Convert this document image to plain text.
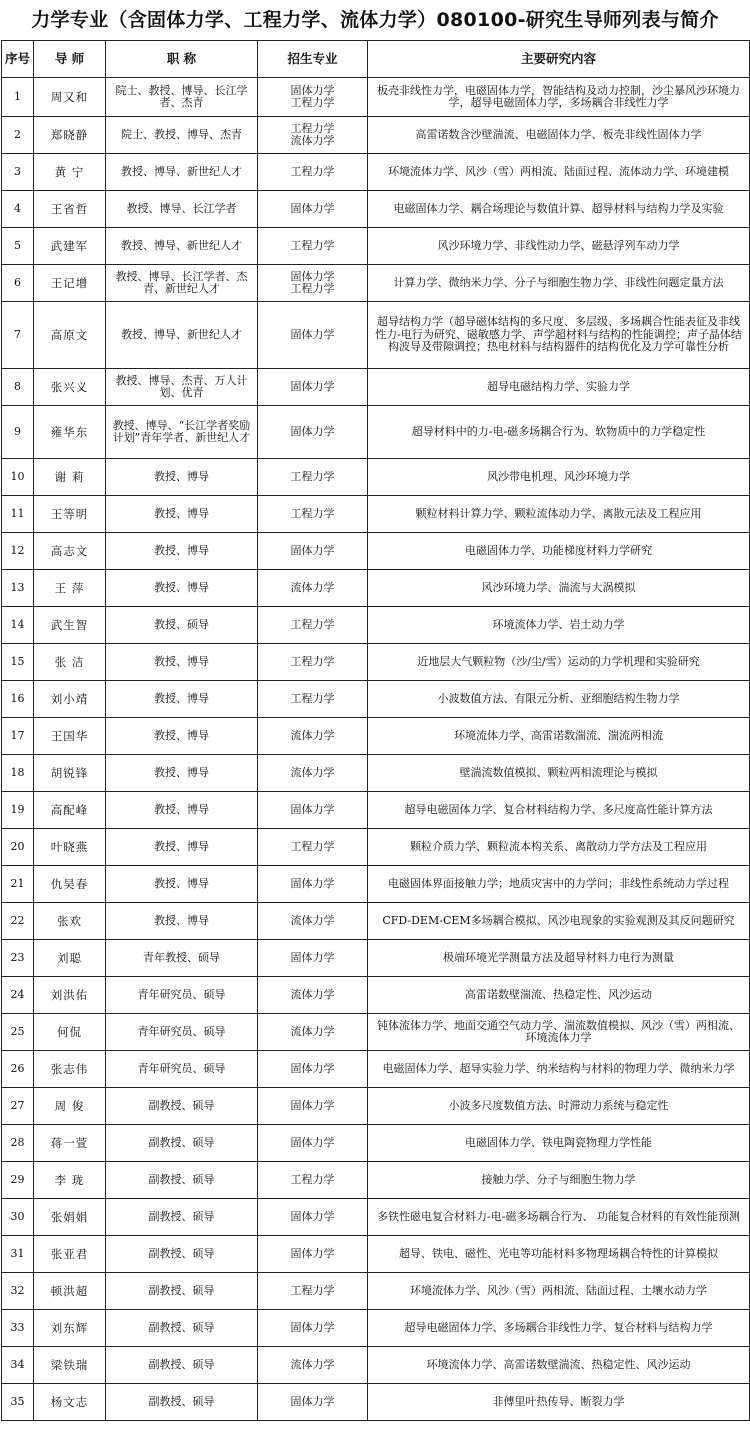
力学专业（含固体力学、工程力学、流体力学）080100-研究生导师列表与简介
序号	导 师	职 称	招生专业	主要研究内容
1	周又和	院士、教授、博导、长江学者、杰青	固体力学
工程力学	板壳非线性力学，电磁固体力学，智能结构及动力控制，沙尘暴风沙环境力学，超导电磁固体力学，多场耦合非线性力学
2	郑晓静	院士、教授、博导、杰青	工程力学
流体力学	高雷诺数含沙壁湍流、电磁固体力学、板壳非线性固体力学
3	黄 宁	教授、博导、新世纪人才	工程力学	环境流体力学、风沙（雪）两相流、陆面过程、流体动力学、环境建模
4	王省哲	教授、博导、长江学者	固体力学	电磁固体力学、耦合场理论与数值计算、超导材料与结构力学及实验
5	武建军	教授、博导、新世纪人才	工程力学	风沙环境力学、非线性动力学、磁悬浮列车动力学
6	王记增	教授、博导、长江学者、杰青、新世纪人才	固体力学
工程力学	计算力学、微纳米力学、分子与细胞生物力学、非线性问题定量方法
7	高原文	教授、博导、新世纪人才	固体力学	超导结构力学（超导磁体结构的多尺度、多层级、多场耦合性能表征及非线性力-电行为研究、磁敏感力学、声学超材料与结构的性能调控；声子晶体结构波导及带隙调控；热电材料与结构器件的结构优化及力学可靠性分析
8	张兴义	教授、博导、杰青、万人计划、优青	固体力学	超导电磁结构力学、实验力学
9	雍华东	教授、博导、“长江学者奖励计划”青年学者、新世纪人才	固体力学	超导材料中的力-电-磁多场耦合行为、软物质中的力学稳定性
10	谢 莉	教授、博导	工程力学	风沙带电机理、风沙环境力学
11	王等明	教授、博导	工程力学	颗粒材料计算力学、颗粒流体动力学、离散元法及工程应用
12	高志文	教授、博导	固体力学	电磁固体力学、功能梯度材料力学研究
13	王 萍	教授、博导	流体力学	风沙环境力学、湍流与大涡模拟
14	武生智	教授、硕导	工程力学	环境流体力学、岩土动力学
15	张 洁	教授、博导	工程力学	近地层大气颗粒物（沙/尘/雪）运动的力学机理和实验研究
16	刘小靖	教授、博导	工程力学	小波数值方法、有限元分析、亚细胞结构生物力学
17	王国华	教授、博导	流体力学	环境流体力学、高雷诺数湍流、湍流两相流
18	胡锐锋	教授、博导	流体力学	壁湍流数值模拟、颗粒两相流理论与模拟
19	高配峰	教授、博导	固体力学	超导电磁固体力学、复合材料结构力学、多尺度高性能计算方法
20	叶晓燕	教授、博导	工程力学	颗粒介质力学、颗粒流本构关系、离散动力学方法及工程应用
21	仇吴春	教授、博导	固体力学	电磁固体界面接触力学；地质灾害中的力学问；非线性系统动力学过程
22	张欢	教授、博导	流体力学	CFD-DEM-CEM多场耦合模拟、风沙电现象的实验观测及其反问题研究
23	刘聪	青年教授、硕导	固体力学	极端环境光学测量方法及超导材料力电行为测量
24	刘洪佑	青年研究员、硕导	流体力学	高雷诺数壁湍流、热稳定性、风沙运动
25	何侃	青年研究员、硕导	流体力学	钝体流体力学、地面交通空气动力学、湍流数值模拟、风沙（雪）两相流、环境流体力学
26	张志伟	青年研究员、硕导	固体力学	电磁固体力学、超导实验力学、纳米结构与材料的物理力学、微纳米力学
27	周 俊	副教授、硕导	固体力学	小波多尺度数值方法、时滞动力系统与稳定性
28	蒋一萱	副教授、硕导	固体力学	电磁固体力学、铁电陶瓷物理力学性能
29	李 珑	副教授、硕导	工程力学	接触力学、分子与细胞生物力学
30	张娟娟	副教授、硕导	固体力学	多铁性磁电复合材料力-电-磁多场耦合行为、 功能复合材料的有效性能预测
31	张亚君	副教授、硕导	固体力学	超导、铁电、磁性、光电等功能材料多物理场耦合特性的计算模拟
32	顿洪超	副教授、硕导	工程力学	环境流体力学、风沙（雪）两相流、陆面过程、土壤水动力学
33	刘东辉	副教授、硕导	固体力学	超导电磁固体力学、多场耦合非线性力学、复合材料与结构力学
34	梁铁瑞	副教授、硕导	流体力学	环境流体力学、高雷诺数壁湍流、热稳定性、风沙运动
35	杨文志	副教授、硕导	固体力学	非傅里叶热传导、断裂力学
